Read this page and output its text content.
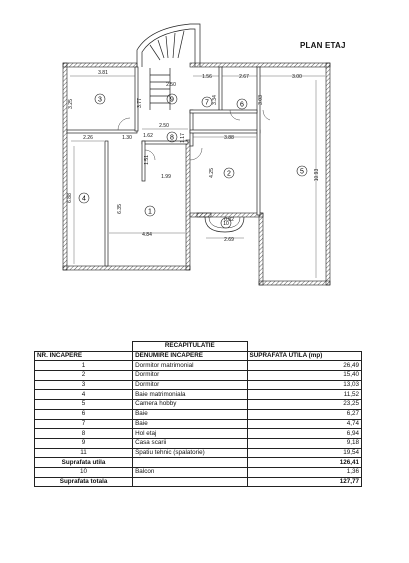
PLAN ETAJ
3	9	7	6
8
2	5
4
1
10
3.81
2.50
1.56	2.67	3.00
3.25	3.77	3.34	3.03
2.26	1.30
2.50
1.62	3.88
1.17
1.99
1.51
4.25	10.93
6.88
6.35
4.84
0.82
2.69
	RECAPITULATIE	
NR. INCAPERE	DENUMIRE INCAPERE	SUPRAFATA UTILA (mp)
1	Dormitor matrimonial	26,49
2	Dormitor	15,40
3	Dormitor	13,03
4	Baie matrimoniala	11,52
5	Camera hobby	23,25
6	Baie	6,27
7	Baie	4,74
8	Hol etaj	6,94
9	Casa scarii	9,18
11	Spatiu tehnic (spalatorie)	19,54
Suprafata utila		126,41
10	Balcon	1,36
Suprafata totala		127,77
